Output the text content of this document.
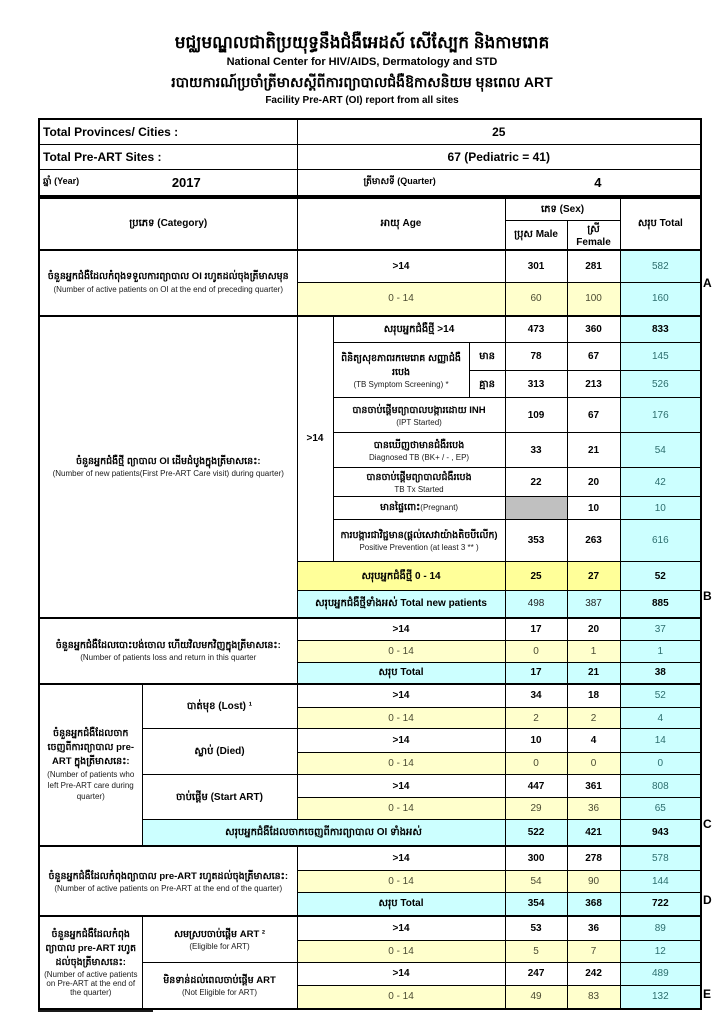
មជ្ឈមណ្ឌលជាតិប្រយុទ្ធនឹងជំងឺអេដស៍ សើស្បែក និងកាមរោគ
National Center for HIV/AIDS, Dermatology and STD
របាយការណ៍ប្រចាំត្រីមាសស្តីពីការព្យាបាលជំងឺឱកាសនិយម មុនពេល ART
Facility Pre-ART (OI) report from all sites
Total Provinces/ Cities :	25
Total Pre-ART Sites :	67 (Pediatric = 41)

ឆ្នាំ (Year) 2017	ត្រីមាសទី (Quarter) 4
ប្រភេទ (Category)		អាយុ Age			ភេទ (Sex)		សរុប Total
					ប្រុស Male	ស្រី Female	
ចំនួនអ្នកជំងឺដែលកំពុងទទួលការព្យាបាល OI រហូតដល់ចុងត្រីមាសមុន (Number of active patients on OI at the end of preceding quarter)		>14			301	281	582
		0 - 14			60	100	160

ចំនួនអ្នកជំងឺថ្មី ព្យាបាល OI ដើមដំបូងក្នុងត្រីមាសនេះ:
(Number of new patients(First Pre-ART Care visit) during quarter)		>14	សរុបអ្នកជំងឺថ្មី >14		473	360	833

			ពិនិត្យសុខភាពរកមេរោគ សញ្ញាជំងឺរបេង
(TB Symptom Screening) *	មាន	78	67	145
				គ្មាន	313	213	526

			បានចាប់ផ្តើមព្យាបាលបង្ការដោយ INH
(IPT Started)		109	67	176

			បានឃើញថាមានជំងឺរបេង
Diagnosed TB (BK+ / - , EP)		33	21	54

			បានចាប់ផ្តើមព្យាបាលជំងឺរបេង
TB Tx Started		22	20	42
			មានផ្ទៃពោះ(Pregnant)			10	10

			ការបង្ការជាវិជ្ជមាន(ផ្តល់សេវាយ៉ាងតិចបីលើក)
Positive Prevention (at least 3 ** )		353	263	616
		សរុបអ្នកជំងឺថ្មី 0 - 14			25	27	52
		សរុបអ្នកជំងឺថ្មីទាំងអស់ Total new patients			498	387	885

ចំនួនអ្នកជំងឺដែលបោះបង់ចោល ហើយវិលមកវិញក្នុងត្រីមាសនេះ:
(Number of patients loss and return in this quarter		>14			17	20	37
		0 - 14			0	1	1
		សរុប Total			17	21	38
ចំនួនអ្នកជំងឺដែលចាកចេញពីការព្យាបាល pre-ART ក្នុងត្រីមាសនេះ: (Number of patients who left Pre-ART care during quarter)	បាត់មុខ (Lost) ¹	>14			34	18	52
		0 - 14			2	2	4
	ស្លាប់ (Died)	>14			10	4	14
		0 - 14			0	0	0
	ចាប់ផ្តើម (Start ART)	>14			447	361	808
		0 - 14			29	36	65
	សរុបអ្នកជំងឺដែលចាកចេញពីការព្យាបាល OI ទាំងអស់				522	421	943
ចំនួនអ្នកជំងឺដែលកំពុងព្យាបាល pre-ART រហូតដល់ចុងត្រីមាសនេះ:
(Number of active patients on Pre-ART at the end of the quarter)		>14	300	278	578
		0 - 14	54	90	144
		សរុប Total	354	368	722

ចំនួនអ្នកជំងឺដែលកំពុងព្យាបាល pre-ART រហូតដល់ចុងត្រីមាសនេះ:
(Number of active patients on Pre-ART at the end of the quarter)

សមស្របចាប់ផ្តើម ART ²
(Eligible for ART)
	>14	53	36	89
		0 - 14	5	7	12

	មិនទាន់ដល់ពេលចាប់ផ្តើម ART
(Not Eligible for ART)	>14	247	242	489
		0 - 14	49	83	132
A
B
C
D
E
